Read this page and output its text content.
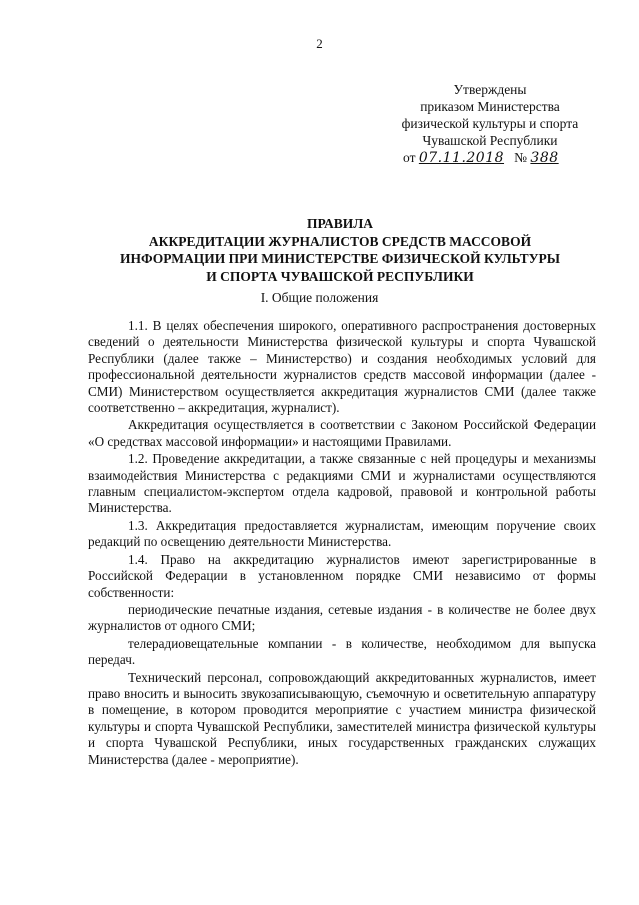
2
Утверждены
приказом Министерства
физической культуры и спорта
Чувашской Республики
от 07.11.2018 № 388
ПРАВИЛА
АККРЕДИТАЦИИ ЖУРНАЛИСТОВ СРЕДСТВ МАССОВОЙ
ИНФОРМАЦИИ ПРИ МИНИСТЕРСТВЕ ФИЗИЧЕСКОЙ КУЛЬТУРЫ
И СПОРТА ЧУВАШСКОЙ РЕСПУБЛИКИ
I. Общие положения

1.1. В целях обеспечения широкого, оперативного распространения достоверных сведений о деятельности Министерства физической культуры и спорта Чувашской Республики (далее также – Министерство) и создания необходимых условий для профессиональной деятельности журналистов средств массовой информации (далее - СМИ) Министерством осуществляется аккредитация журналистов СМИ (далее также соответственно – аккредитация, журналист).

Аккредитация осуществляется в соответствии с Законом Российской Федерации «О средствах массовой информации» и настоящими Правилами.

1.2. Проведение аккредитации, а также связанные с ней процедуры и механизмы взаимодействия Министерства с редакциями СМИ и журналистами осуществляются главным специалистом-экспертом отдела кадровой, правовой и контрольной работы Министерства.

1.3. Аккредитация предоставляется журналистам, имеющим поручение своих редакций по освещению деятельности Министерства.

1.4. Право на аккредитацию журналистов имеют зарегистрированные в Российской Федерации в установленном порядке СМИ независимо от формы собственности:

периодические печатные издания, сетевые издания - в количестве не более двух журналистов от одного СМИ;

телерадиовещательные компании - в количестве, необходимом для выпуска передач.

Технический персонал, сопровождающий аккредитованных журналистов, имеет право вносить и выносить звукозаписывающую, съемочную и осветительную аппаратуру в помещение, в котором проводится мероприятие с участием министра физической культуры и спорта Чувашской Республики, заместителей министра физической культуры и спорта Чувашской Республики, иных государственных гражданских служащих Министерства (далее - мероприятие).
